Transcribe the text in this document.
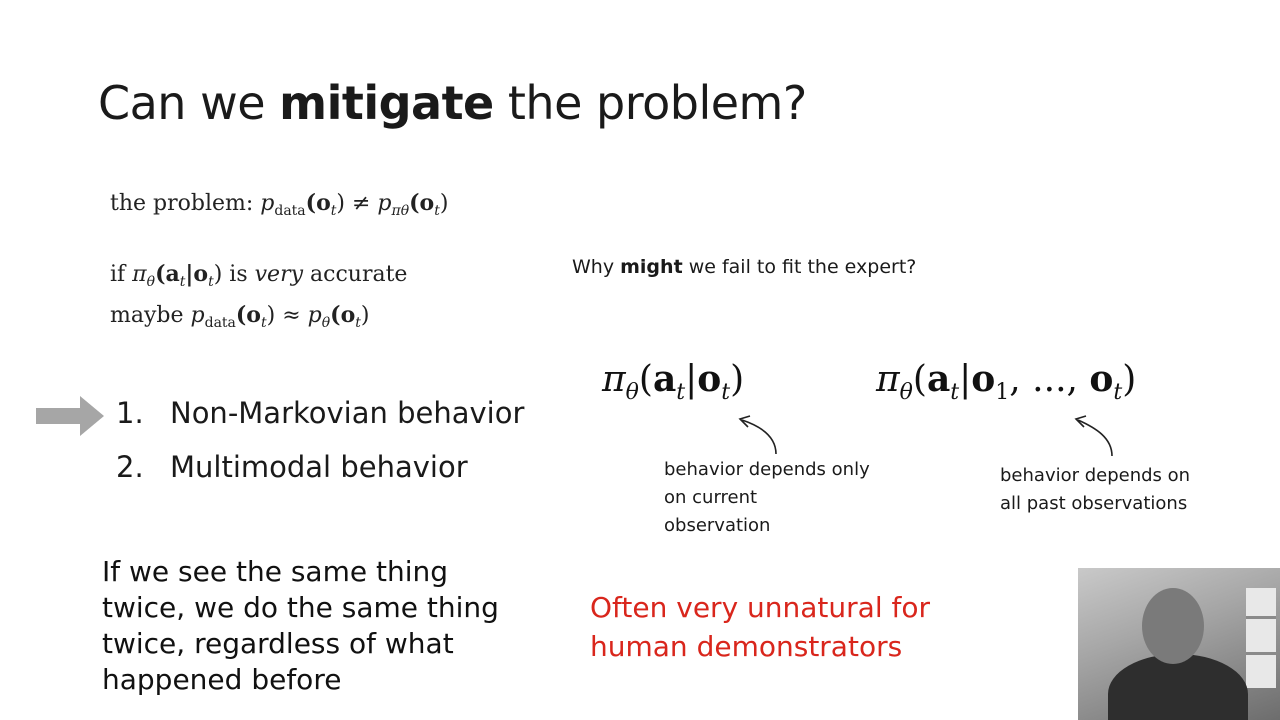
Can we mitigate the problem?
the problem: $p_{data}(o_t) \ne p_{\pi\theta}(o_t)$
if $\pi_\theta(a_t|o_t)$ is very accurate
maybe $p_{data}(o_t) \approx p_\theta(o_t)$
Why might we fail to fit the expert?
1. Non-Markovian behavior
2. Multimodal behavior
$\pi_\theta(a_t|o_t)$	$\pi_\theta(a_t|o_1$, ..., $o_t$)
behavior depends only
on current
observation
behavior depends on
all past observations
If we see the same thing
twice, we do the same thing
twice, regardless of what
happened before
Often very unnatural for
human demonstrators
